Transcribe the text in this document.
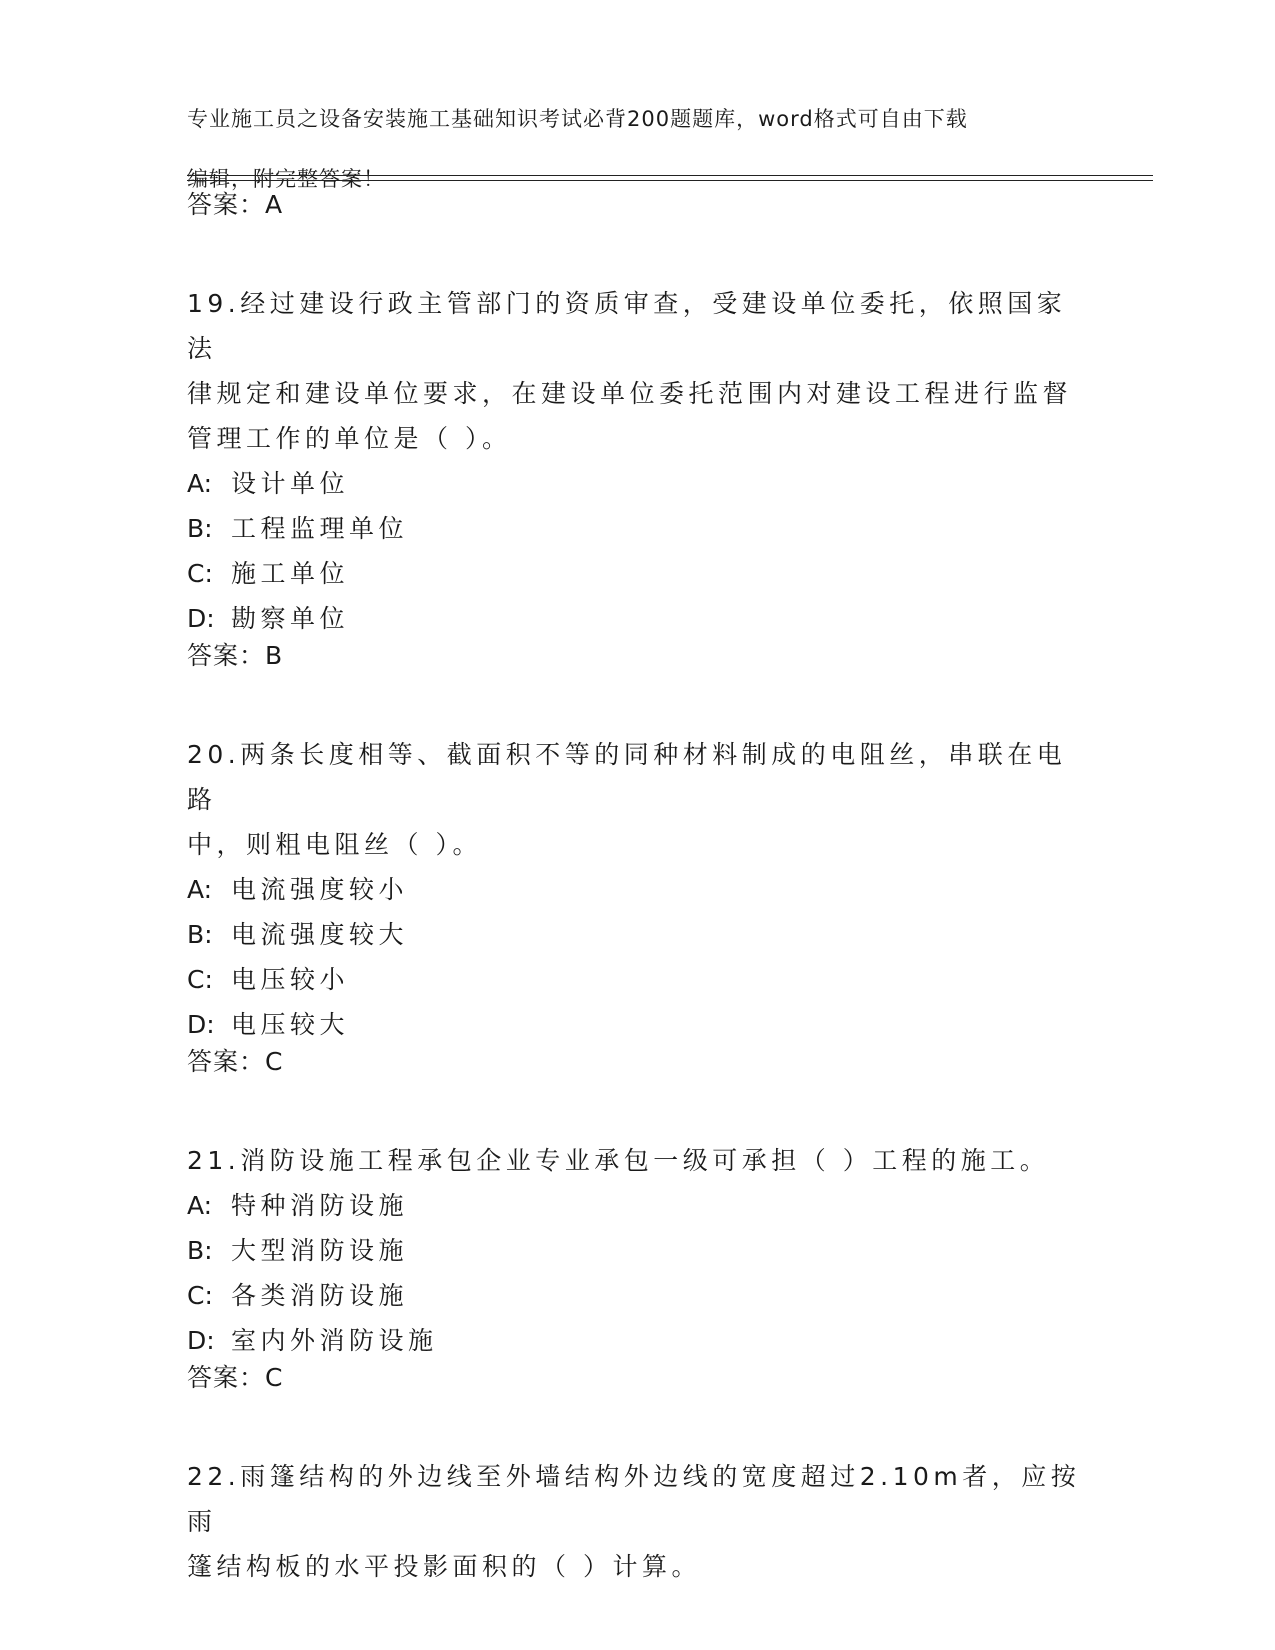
专业施工员之设备安装施工基础知识考试必背200题题库，word格式可自由下载

编辑，附完整答案！

答案：A
19.经过建设行政主管部门的资质审查，受建设单位委托，依照国家法
律规定和建设单位要求，在建设单位委托范围内对建设工程进行监督
管理工作的单位是（ ）。
A: 设计单位
B: 工程监理单位
C: 施工单位
D: 勘察单位
答案：B
20.两条长度相等、截面积不等的同种材料制成的电阻丝，串联在电路
中，则粗电阻丝（ ）。
A: 电流强度较小
B: 电流强度较大
C: 电压较小
D: 电压较大
答案：C
21.消防设施工程承包企业专业承包一级可承担（ ）工程的施工。
A: 特种消防设施
B: 大型消防设施
C: 各类消防设施
D: 室内外消防设施
答案：C
22.雨篷结构的外边线至外墙结构外边线的宽度超过2.10m者，应按雨
篷结构板的水平投影面积的（ ）计算。
